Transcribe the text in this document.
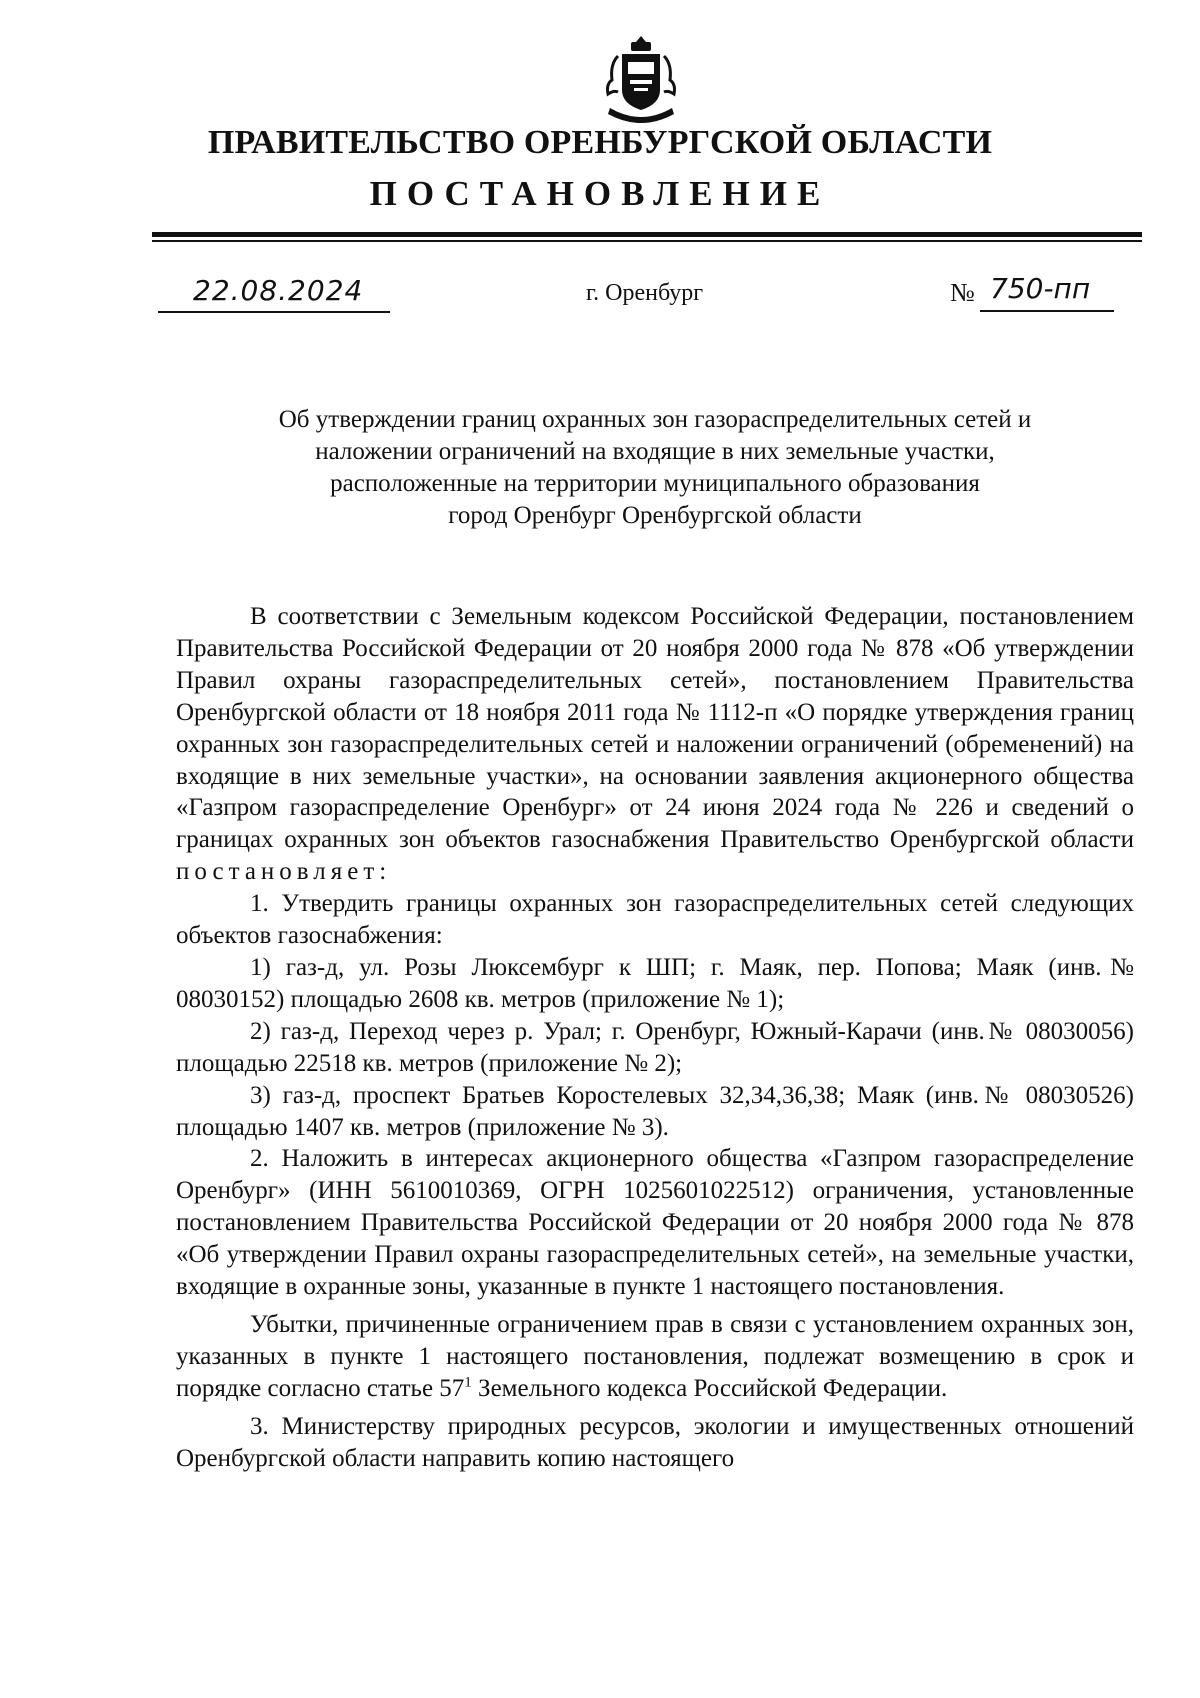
ПРАВИТЕЛЬСТВО ОРЕНБУРГСКОЙ ОБЛАСТИ
ПОСТАНОВЛЕНИЕ
22.08.2024	г. Оренбург	№ 750-пп
Об утверждении границ охранных зон газораспределительных сетей и
наложении ограничений на входящие в них земельные участки,
расположенные на территории муниципального образования
город Оренбург Оренбургской области

В соответствии с Земельным кодексом Российской Федерации, постановлением Правительства Российской Федерации от 20 ноября 2000 года № 878 «Об утверждении Правил охраны газораспределительных сетей», постановлением Правительства Оренбургской области от 18 ноября 2011 года № 1112-п «О порядке утверждения границ охранных зон газораспределительных сетей и наложении ограничений (обременений) на входящие в них земельные участки», на основании заявления акционерного общества «Газпром газораспределение Оренбург» от 24 июня 2024 года № 226 и сведений о границах охранных зон объектов газоснабжения Правительство Оренбургской области постановляет:

1. Утвердить границы охранных зон газораспределительных сетей следующих объектов газоснабжения:

1) газ-д, ул. Розы Люксембург к ШП; г. Маяк, пер. Попова; Маяк (инв.№ 08030152) площадью 2608 кв. метров (приложение № 1);

2) газ-д, Переход через р. Урал; г. Оренбург, Южный-Карачи (инв.№ 08030056) площадью 22518 кв. метров (приложение № 2);

3) газ-д, проспект Братьев Коростелевых 32,34,36,38; Маяк (инв.№ 08030526) площадью 1407 кв. метров (приложение № 3).

2. Наложить в интересах акционерного общества «Газпром газораспределение Оренбург» (ИНН 5610010369, ОГРН 1025601022512) ограничения, установленные постановлением Правительства Российской Федерации от 20 ноября 2000 года № 878 «Об утверждении Правил охраны газораспределительных сетей», на земельные участки, входящие в охранные зоны, указанные в пункте 1 настоящего постановления.

Убытки, причиненные ограничением прав в связи с установлением охранных зон, указанных в пункте 1 настоящего постановления, подлежат возмещению в срок и порядке согласно статье $57^1$ Земельного кодекса Российской Федерации.

3. Министерству природных ресурсов, экологии и имущественных отношений Оренбургской области направить копию настоящего
